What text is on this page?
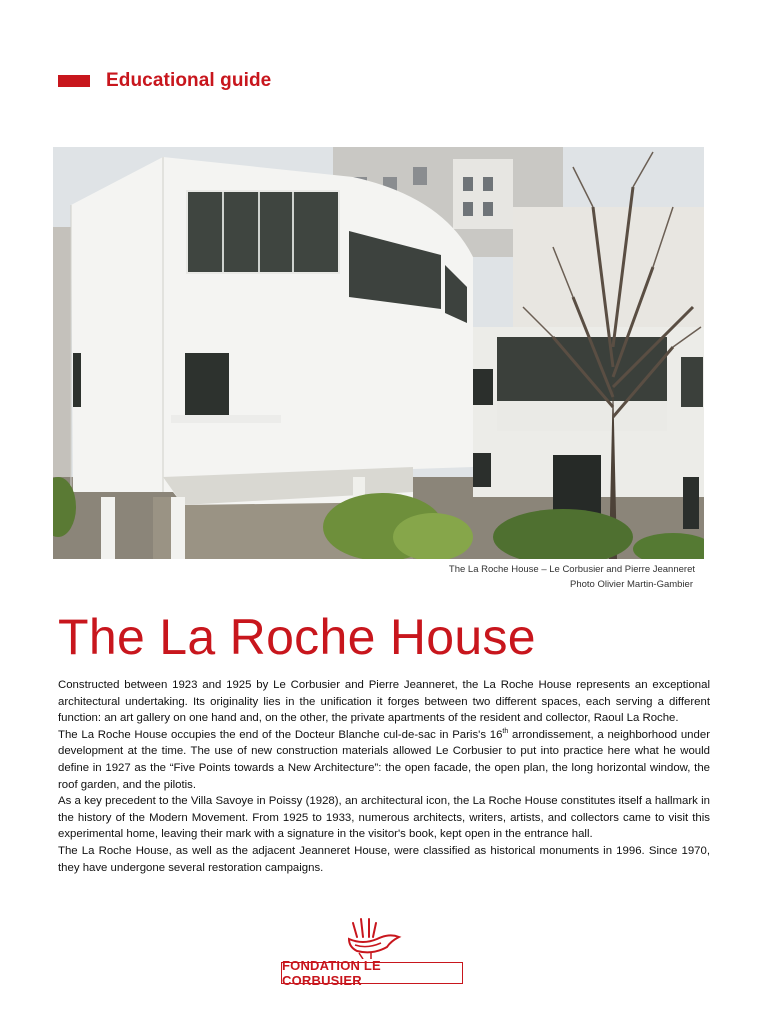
Educational guide
The La Roche House – Le Corbusier and Pierre Jeanneret
Photo Olivier Martin-Gambier
The La Roche House

Constructed between 1923 and 1925 by Le Corbusier and Pierre Jeanneret, the La Roche House represents an exceptional architectural undertaking. Its originality lies in the unification it forges between two different spaces, each serving a different function: an art gallery on one hand and, on the other, the private apartments of the resident and collector, Raoul La Roche.

The La Roche House occupies the end of the Docteur Blanche cul-de-sac in Paris's 16th arrondissement, a neighborhood under development at the time. The use of new construction materials allowed Le Corbusier to put into practice here what he would define in 1927 as the “Five Points towards a New Architecture”: the open facade, the open plan, the long horizontal window, the roof garden, and the pilotis.

As a key precedent to the Villa Savoye in Poissy (1928), an architectural icon, the La Roche House constitutes itself a hallmark in the history of the Modern Movement. From 1925 to 1933, numerous architects, writers, artists, and collectors came to visit this experimental home, leaving their mark with a signature in the visitor's book, kept open in the entrance hall.

The La Roche House, as well as the adjacent Jeanneret House, were classified as historical monuments in 1996. Since 1970, they have undergone several restoration campaigns.

FONDATION LE CORBUSIER
